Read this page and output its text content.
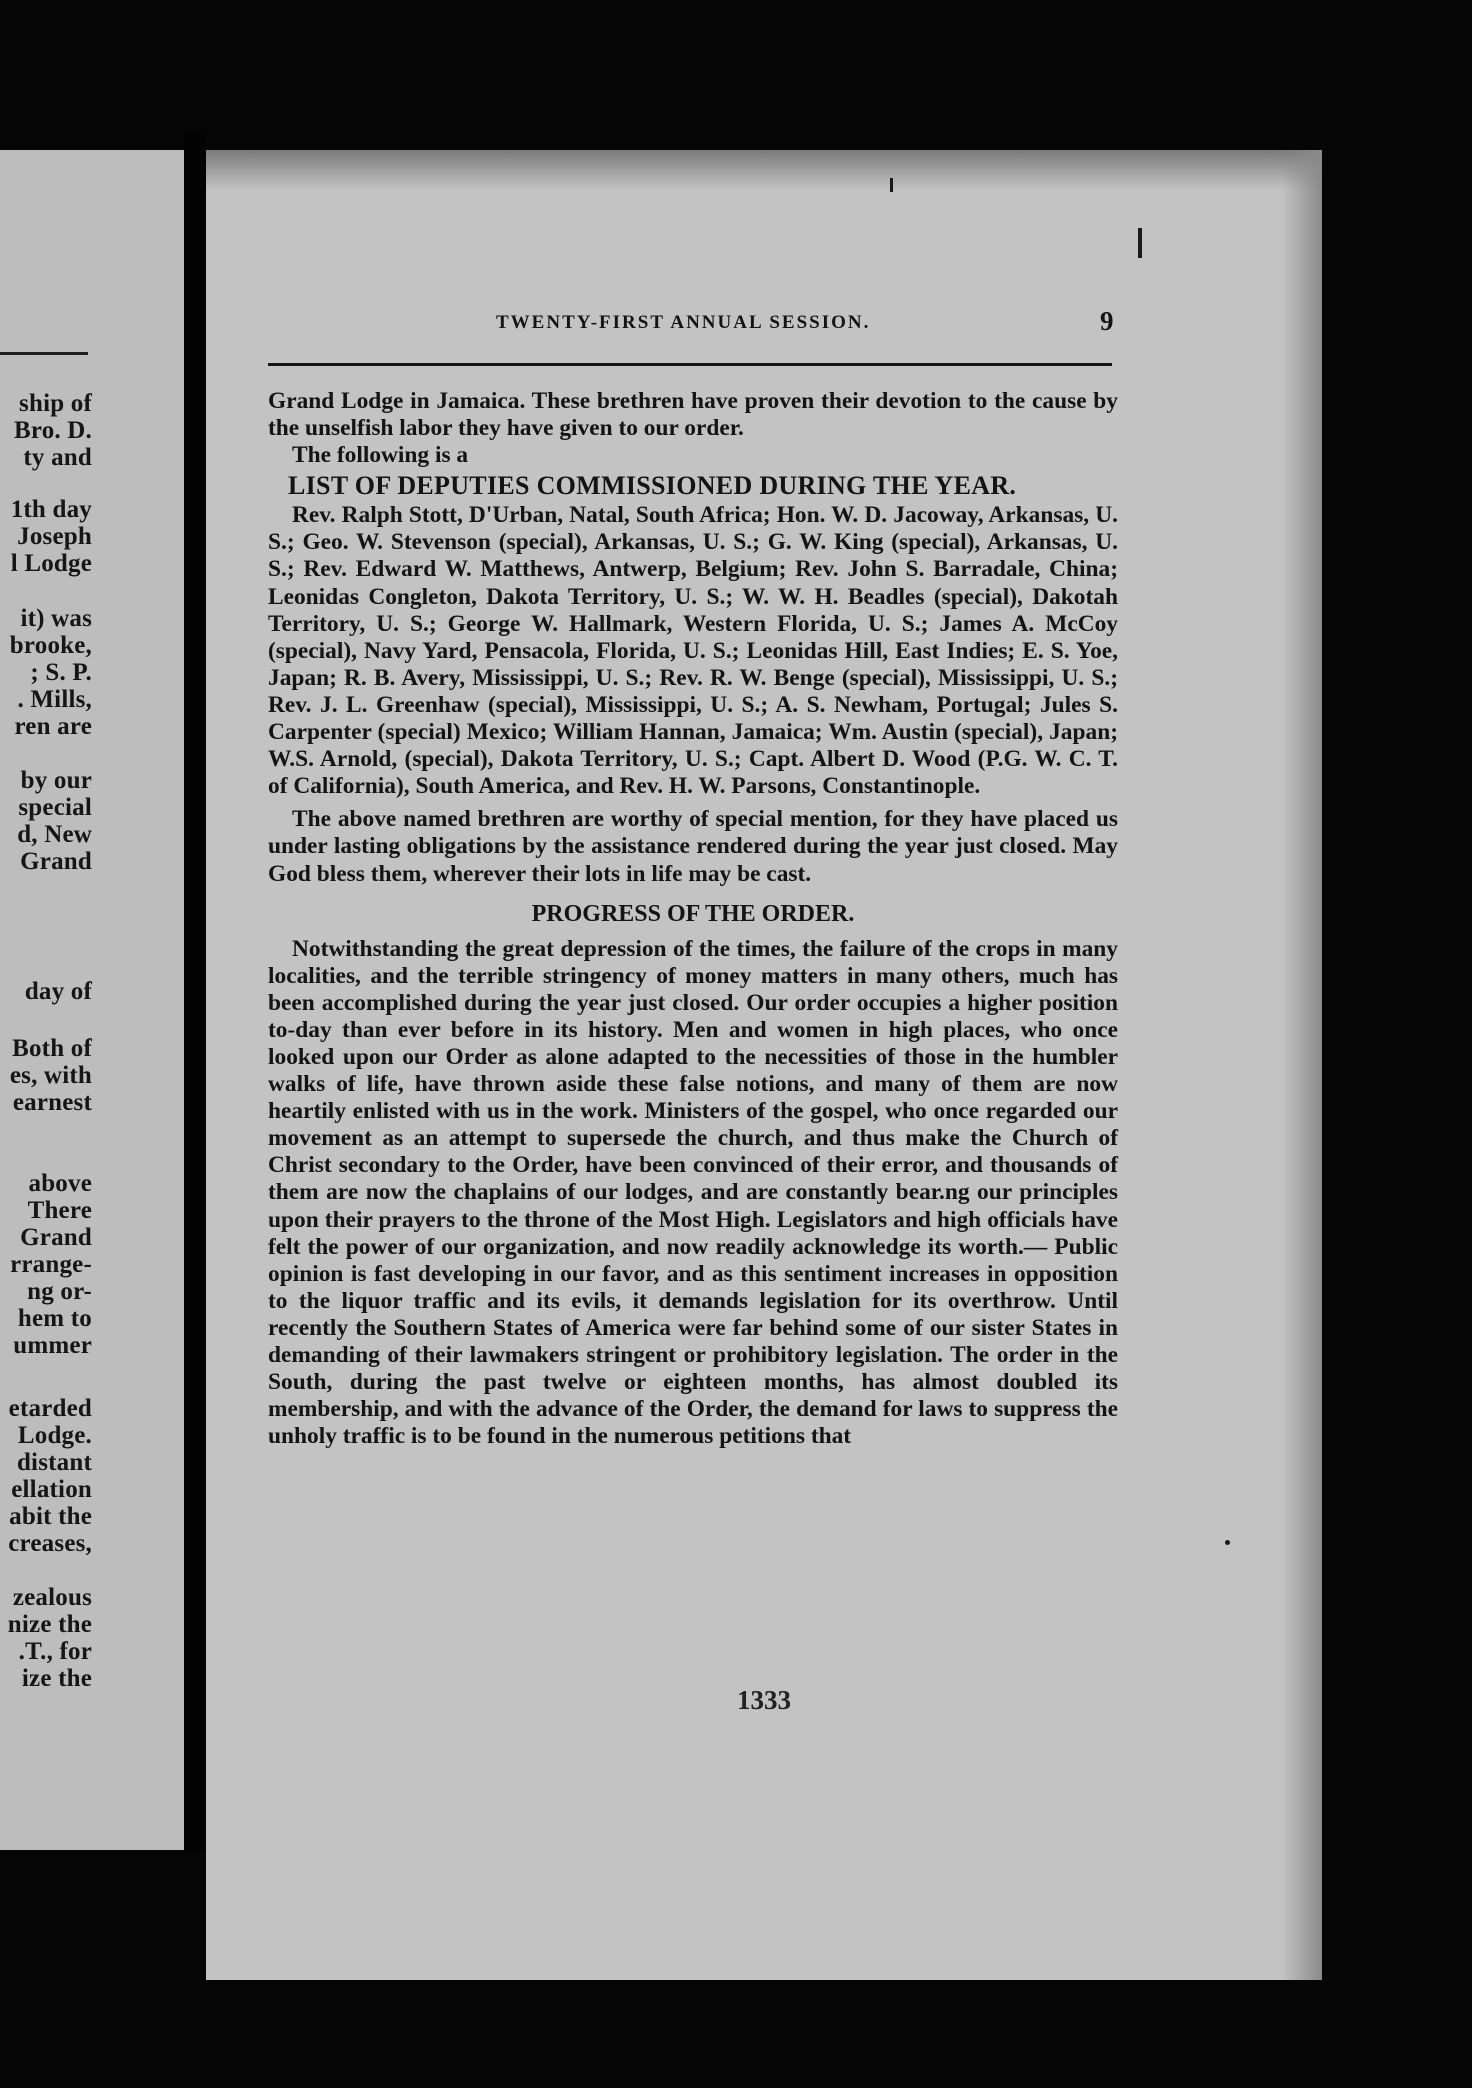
ship of
Bro. D.
ty and
1th day
Joseph
l Lodge
it) was
brooke,
; S. P.
. Mills,
ren are
by our
special
d, New
Grand
day of
Both of
es, with
earnest
above
There
Grand
rrange-
ng or-
hem to
ummer
etarded
Lodge.
distant
ellation
abit the
creases,
zealous
nize the
.T., for
ize the
TWENTY-FIRST ANNUAL SESSION.	9

Grand Lodge in Jamaica. These brethren have proven their devotion to the cause by the unselfish labor they have given to our order.

The following is a

LIST OF DEPUTIES COMMISSIONED DURING THE YEAR.

Rev. Ralph Stott, D'Urban, Natal, South Africa; Hon. W. D. Jacoway, Arkansas, U. S.; Geo. W. Stevenson (special), Arkansas, U. S.; G. W. King (special), Arkansas, U. S.; Rev. Edward W. Matthews, Antwerp, Belgium; Rev. John S. Barradale, China; Leonidas Congleton, Dakota Territory, U. S.; W. W. H. Beadles (special), Dakotah Territory, U. S.; George W. Hallmark, Western Florida, U. S.; James A. McCoy (special), Navy Yard, Pensacola, Florida, U. S.; Leonidas Hill, East Indies; E. S. Yoe, Japan; R. B. Avery, Mississippi, U. S.; Rev. R. W. Benge (special), Mississippi, U. S.; Rev. J. L. Greenhaw (special), Mississippi, U. S.; A. S. Newham, Portugal; Jules S. Carpenter (special) Mexico; William Hannan, Jamaica; Wm. Austin (special), Japan; W.S. Arnold, (special), Dakota Territory, U. S.; Capt. Albert D. Wood (P.G. W. C. T. of California), South America, and Rev. H. W. Parsons, Constantinople.

The above named brethren are worthy of special mention, for they have placed us under lasting obligations by the assistance rendered during the year just closed. May God bless them, wherever their lots in life may be cast.

PROGRESS OF THE ORDER.

Notwithstanding the great depression of the times, the failure of the crops in many localities, and the terrible stringency of money matters in many others, much has been accomplished during the year just closed. Our order occupies a higher position to-day than ever before in its history. Men and women in high places, who once looked upon our Order as alone adapted to the necessities of those in the humbler walks of life, have thrown aside these false notions, and many of them are now heartily enlisted with us in the work. Ministers of the gospel, who once regarded our movement as an attempt to supersede the church, and thus make the Church of Christ secondary to the Order, have been convinced of their error, and thousands of them are now the chaplains of our lodges, and are constantly bear.ng our principles upon their prayers to the throne of the Most High. Legislators and high officials have felt the power of our organization, and now readily acknowledge its worth.— Public opinion is fast developing in our favor, and as this sentiment increases in opposition to the liquor traffic and its evils, it demands legislation for its overthrow. Until recently the Southern States of America were far behind some of our sister States in demanding of their lawmakers stringent or prohibitory legislation. The order in the South, during the past twelve or eighteen months, has almost doubled its membership, and with the advance of the Order, the demand for laws to suppress the unholy traffic is to be found in the numerous petitions that

1333
